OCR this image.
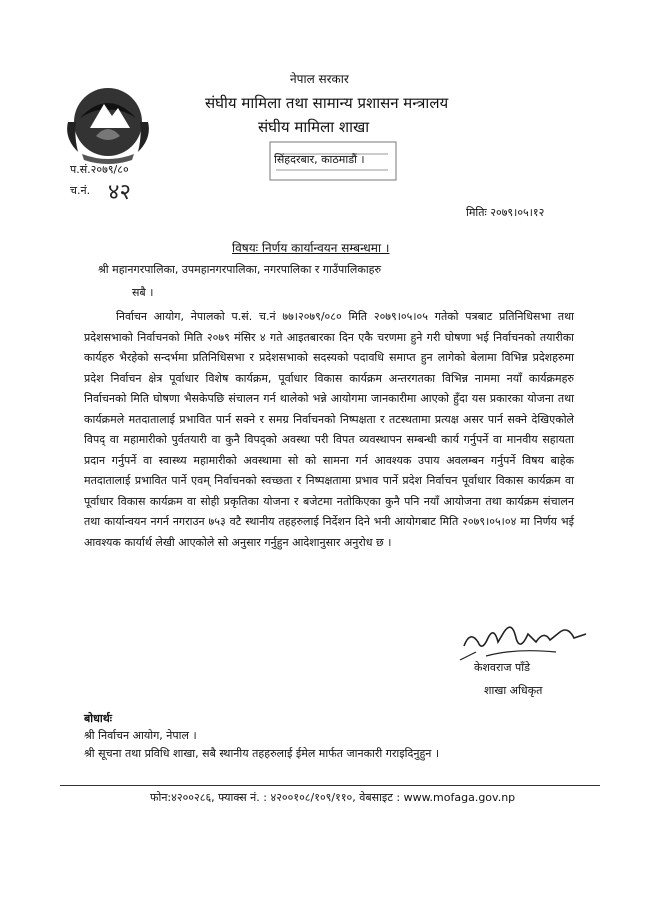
नेपाल सरकार
संघीय मामिला तथा सामान्य प्रशासन मन्त्रालय
संघीय मामिला शाखा
सिंहदरबार, काठमाडौं ।
प.सं.२०७९/८०
च.नं. ४२
मितिः २०७९।०५।१२
विषयः निर्णय कार्यान्वयन सम्बन्धमा ।
श्री महानगरपालिका, उपमहानगरपालिका, नगरपालिका र गाउँपालिकाहरु
सबै ।
निर्वाचन आयोग, नेपालको प.सं. च.नं ७७।२०७९/०८० मिति २०७९।०५।०५ गतेको पत्रबाट प्रतिनिधिसभा तथा प्रदेशसभाको निर्वाचनको मिति २०७९ मंसिर ४ गते आइतबारका दिन एकै चरणमा हुने गरी घोषणा भई निर्वाचनको तयारीका कार्यहरु भैरहेको सन्दर्भमा प्रतिनिधिसभा र प्रदेशसभाको सदस्यको पदावधि समाप्त हुन लागेको बेलामा विभिन्न प्रदेशहरुमा प्रदेश निर्वाचन क्षेत्र पूर्वाधार विशेष कार्यक्रम, पूर्वाधार विकास कार्यक्रम अन्तरगतका विभिन्न नाममा नयाँ कार्यक्रमहरु निर्वाचनको मिति घोषणा भैसकेपछि संचालन गर्न थालेको भन्ने आयोगमा जानकारीमा आएको हुँदा यस प्रकारका योजना तथा कार्यक्रमले मतदातालाई प्रभावित पार्न सक्ने र समग्र निर्वाचनको निष्पक्षता र तटस्थतामा प्रत्यक्ष असर पार्न सक्ने देखिएकोले विपद् वा महामारीको पुर्वतयारी वा कुनै विपद्को अवस्था परी विपत व्यवस्थापन सम्बन्धी कार्य गर्नुपर्ने वा मानवीय सहायता प्रदान गर्नुपर्ने वा स्वास्थ्य महामारीको अवस्थामा सो को सामना गर्न आवश्यक उपाय अवलम्बन गर्नुपर्ने विषय बाहेक मतदातालाई प्रभावित पार्ने एवम् निर्वाचनको स्वच्छता र निष्पक्षतामा प्रभाव पार्ने प्रदेश निर्वाचन पूर्वाधार विकास कार्यक्रम वा पूर्वाधार विकास कार्यक्रम वा सोही प्रकृतिका योजना र बजेटमा नतोकिएका कुनै पनि नयाँ आयोजना तथा कार्यक्रम संचालन तथा कार्यान्वयन नगर्न नगराउन ७५३ वटै स्थानीय तहहरुलाई निर्देशन दिने भनी आयोगबाट मिति २०७९।०५।०४ मा निर्णय भई आवश्यक कार्यार्थ लेखी आएकोले सो अनुसार गर्नुहुन आदेशानुसार अनुरोध छ ।
केशवराज पाँडे
शाखा अधिकृत
बोधार्थः
श्री निर्वाचन आयोग, नेपाल ।
श्री सूचना तथा प्रविधि शाखा, सबै स्थानीय तहहरुलाई ईमेल मार्फत जानकारी गराइदिनुहुन ।
फोन:४२००२८६, फ्याक्स नं. : ४२००१०८/१०९/११०, वेबसाइट : www.mofaga.gov.np
